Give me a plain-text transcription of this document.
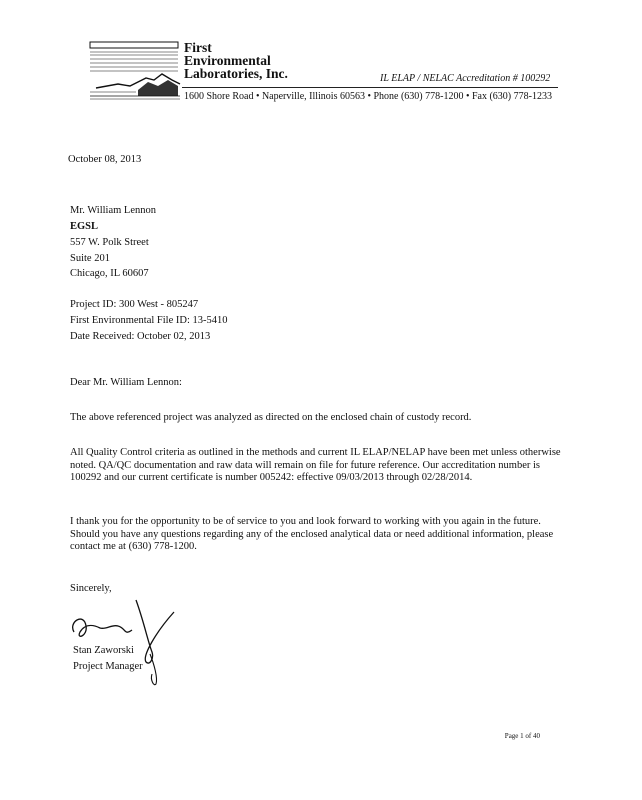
First
Environmental
Laboratories, Inc.	IL ELAP / NELAC Accreditation # 100292
1600 Shore Road • Naperville, Illinois 60563 • Phone (630) 778-1200 • Fax (630) 778-1233
October 08, 2013
Mr. William Lennon
EGSL
557 W. Polk Street
Suite 201
Chicago, IL 60607
Project ID: 300 West - 805247
First Environmental File ID: 13-5410
Date Received: October 02, 2013
Dear Mr. William Lennon:
The above referenced project was analyzed as directed on the enclosed chain of custody record.
All Quality Control criteria as outlined in the methods and current IL ELAP/NELAP have been met unless otherwise noted. QA/QC documentation and raw data will remain on file for future reference. Our accreditation number is 100292 and our current certificate is number 005242: effective 09/03/2013 through 02/28/2014.
I thank you for the opportunity to be of service to you and look forward to working with you again in the future. Should you have any questions regarding any of the enclosed analytical data or need additional information, please contact me at (630) 778-1200.
Sincerely,
Stan Zaworski
Project Manager
Page 1 of 40
